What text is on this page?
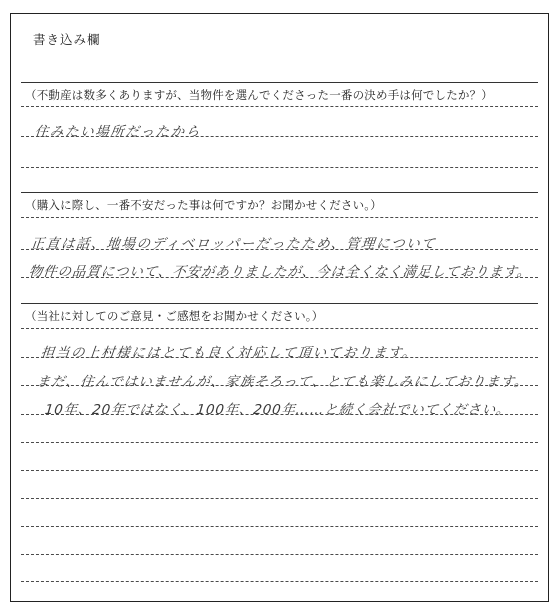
書き込み欄
（不動産は数多くありますが、当物件を選んでくださった一番の決め手は何でしたか？）
住みたい場所だったから
（購入に際し、一番不安だった事は何ですか？お聞かせください。）
正直は話、地場のディベロッパーだったため、管理について
物件の品質について、不安がありましたが、今は全くなく満足しております。
（当社に対してのご意見・ご感想をお聞かせください。）
担当の上村様にはとても良く対応して頂いております。
まだ、住んではいませんが、家族そろって、とても楽しみにしております。
10年、20年ではなく、100年、200年……と続く会社でいてください。
